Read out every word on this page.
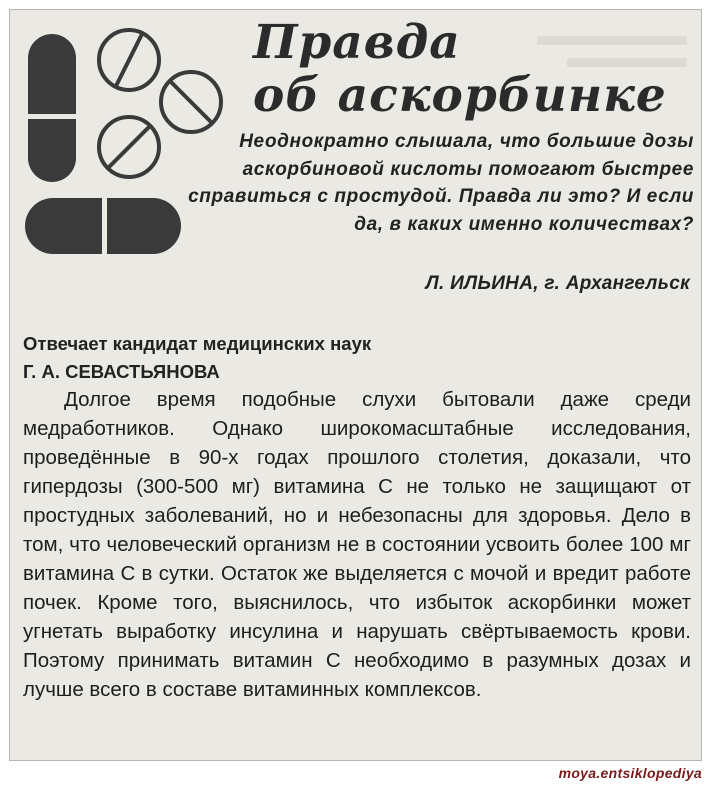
Правда
об аскорбинке

Неоднократно слышала, что большие дозы аскорбиновой кислоты помогают быстрее справиться с простудой. Правда ли это? И если да, в каких именно количествах?

Л. ИЛЬИНА, г. Архангельск

Отвечает кандидат медицинских наук

Г. А. СЕВАСТЬЯНОВА

Долгое время подобные слухи бытовали даже среди медработников. Однако широкомасштабные исследования, проведённые в 90-х годах прошлого столетия, доказали, что гипердозы (300-500 мг) витамина С не только не защищают от простудных заболеваний, но и небезопасны для здоровья. Дело в том, что человеческий организм не в состоянии усвоить более 100 мг витамина С в сутки. Остаток же выделяется с мочой и вредит работе почек. Кроме того, выяснилось, что избыток аскорбинки может угнетать выработку инсулина и нарушать свёртываемость крови. Поэтому принимать витамин С необходимо в разумных дозах и лучше всего в составе витаминных комплексов.

moya.entsiklopediya
